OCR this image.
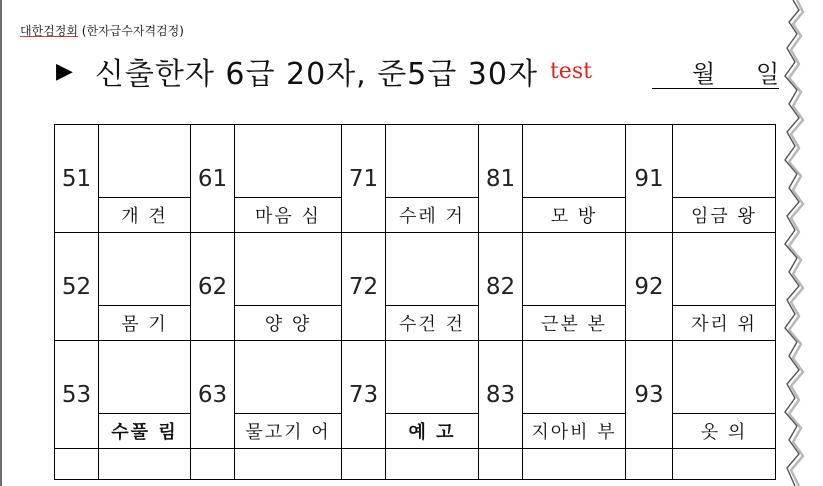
대한검정회 (한자급수자격검정)
▶ 신출한자 6급 20자, 준5급 30자 test	월 일
51		61		71		81		91	
	개 견		마음 심		수레 거		모 방		임금 왕
52		62		72		82		92	
	몸 기		양 양		수건 건		근본 본		자리 위
53		63		73		83		93	
	수풀 림		물고기 어		예 고		지아비 부		옷 의
